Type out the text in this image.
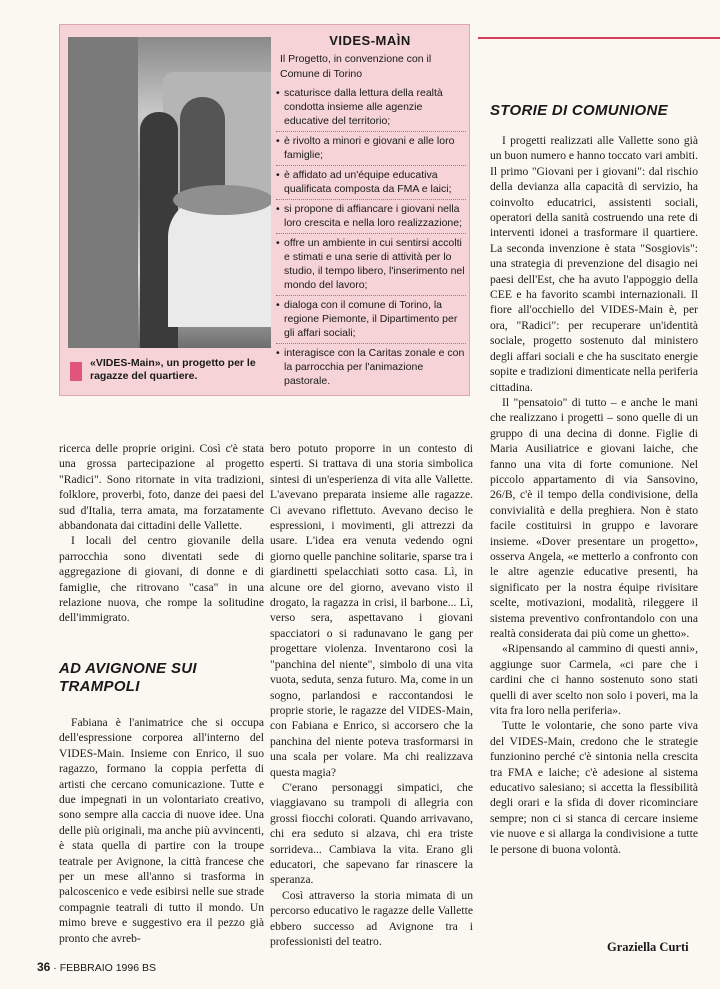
«VIDES-Main», un progetto per le ragazze del quartiere.
VIDES-MAÌN
Il Progetto, in convenzione con il Comune di Torino
• scaturisce dalla lettura della realtà condotta insieme alle agenzie educative del territorio;
• è rivolto a minori e giovani e alle loro famiglie;
• è affidato ad un'équipe educativa qualificata composta da FMA e laici;
• si propone di affiancare i giovani nella loro crescita e nella loro realizzazione;
• offre un ambiente in cui sentirsi accolti e stimati e una serie di attività per lo studio, il tempo libero, l'inserimento nel mondo del lavoro;
• dialoga con il comune di Torino, la regione Piemonte, il Dipartimento per gli affari sociali;
• interagisce con la Caritas zonale e con la parrocchia per l'animazione pastorale.

ricerca delle proprie origini. Così c'è stata una grossa partecipazione al progetto "Radici". Sono ritornate in vita tradizioni, folklore, proverbi, foto, danze dei paesi del sud d'Italia, terra amata, ma forzatamente abbandonata dai cittadini delle Vallette.

I locali del centro giovanile della parrocchia sono diventati sede di aggregazione di giovani, di donne e di famiglie, che ritrovano "casa" in una relazione nuova, che rompe la solitudine dell'immigrato.

AD AVIGNONE SUI TRAMPOLI
Fabiana è l'animatrice che si occupa dell'espressione corporea all'interno del VIDES-Main. Insieme con Enrico, il suo ragazzo, formano la coppia perfetta di artisti che cercano comunicazione. Tutte e due impegnati in un volontariato creativo, sono sempre alla caccia di nuove idee. Una delle più originali, ma anche più avvincenti, è stata quella di partire con la troupe teatrale per Avignone, la città francese che per un mese all'anno si trasforma in palcoscenico e vede esibirsi nelle sue strade compagnie teatrali di tutto il mondo. Un mimo breve e suggestivo era il pezzo già pronto che avreb-

bero potuto proporre in un contesto di esperti. Si trattava di una storia simbolica sintesi di un'esperienza di vita alle Vallette. L'avevano preparata insieme alle ragazze. Ci avevano riflettuto. Avevano deciso le espressioni, i movimenti, gli attrezzi da usare. L'idea era venuta vedendo ogni giorno quelle panchine solitarie, sparse tra i giardinetti spelacchiati sotto casa. Lì, in alcune ore del giorno, avevano visto il drogato, la ragazza in crisi, il barbone... Lì, verso sera, aspettavano i giovani spacciatori o si radunavano le gang per progettare violenza. Inventarono così la "panchina del niente", simbolo di una vita vuota, seduta, senza futuro. Ma, come in un sogno, parlandosi e raccontandosi le proprie storie, le ragazze del VIDES-Main, con Fabiana e Enrico, si accorsero che la panchina del niente poteva trasformarsi in una scala per volare. Ma chi realizzava questa magia?

C'erano personaggi simpatici, che viaggiavano su trampoli di allegria con grossi fiocchi colorati. Quando arrivavano, chi era seduto si alzava, chi era triste sorrideva... Cambiava la vita. Erano gli educatori, che sapevano far rinascere la speranza.

Così attraverso la storia mimata di un percorso educativo le ragazze delle Vallette ebbero successo ad Avignone tra i professionisti del teatro.

STORIE DI COMUNIONE

I progetti realizzati alle Vallette sono già un buon numero e hanno toccato vari ambiti. Il primo "Giovani per i giovani": dal rischio della devianza alla capacità di servizio, ha coinvolto educatrici, assistenti sociali, operatori della sanità costruendo una rete di interventi idonei a trasformare il quartiere. La seconda invenzione è stata "Sosgiovis": una strategia di prevenzione del disagio nei paesi dell'Est, che ha avuto l'appoggio della CEE e ha favorito scambi internazionali. Il fiore all'occhiello del VIDES-Main è, per ora, "Radici": per recuperare un'identità sociale, progetto sostenuto dal ministero degli affari sociali e che ha suscitato energie sopite e tradizioni dimenticate nella periferia cittadina.

Il "pensatoio" di tutto – e anche le mani che realizzano i progetti – sono quelle di un gruppo di una decina di donne. Figlie di Maria Ausiliatrice e giovani laiche, che fanno una vita di forte comunione. Nel piccolo appartamento di via Sansovino, 26/B, c'è il tempo della condivisione, della convivialità e della preghiera. Non è stato facile costituirsi in gruppo e lavorare insieme. «Dover presentare un progetto», osserva Angela, «e metterlo a confronto con le altre agenzie educative presenti, ha significato per la nostra équipe rivisitare scelte, motivazioni, modalità, rileggere il sistema preventivo confrontandolo con una realtà considerata dai più come un ghetto».

«Ripensando al cammino di questi anni», aggiunge suor Carmela, «ci pare che i cardini che ci hanno sostenuto sono stati quelli di aver scelto non solo i poveri, ma la vita fra loro nella periferia».

Tutte le volontarie, che sono parte viva del VIDES-Main, credono che le strategie funzionino perché c'è sintonia nella crescita tra FMA e laiche; c'è adesione al sistema educativo salesiano; si accetta la flessibilità degli orari e la sfida di dover ricominciare sempre; non ci si stanca di cercare insieme vie nuove e si allarga la condivisione a tutte le persone di buona volontà.

Graziella Curti
36 · FEBBRAIO 1996 BS
